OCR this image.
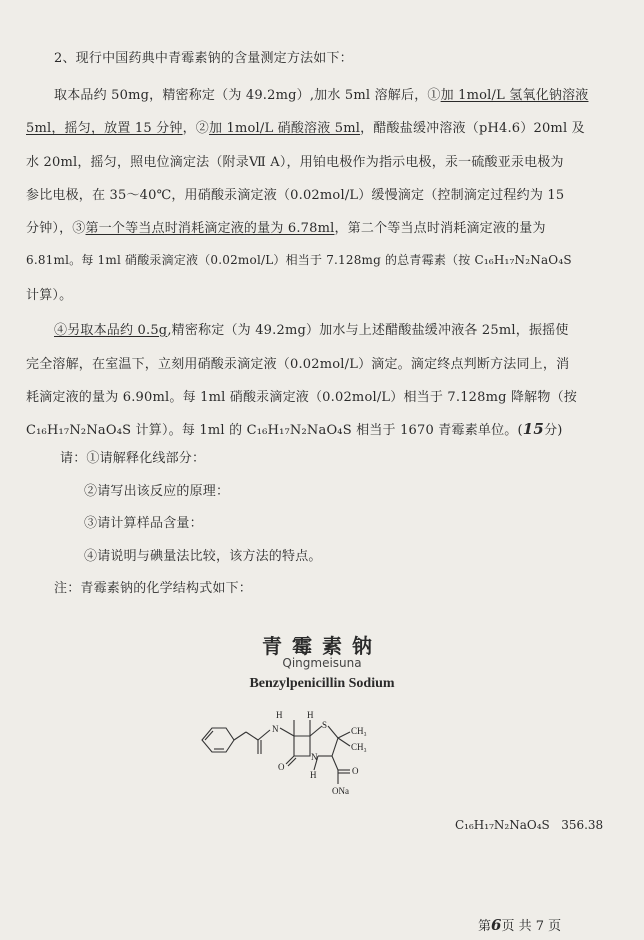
2、现行中国药典中青霉素钠的含量测定方法如下：
取本品约 50mg，精密称定（为 49.2mg）,加水 5ml 溶解后，①加 1mol/L 氢氧化钠溶液
5ml，摇匀，放置 15 分钟，②加 1mol/L 硝酸溶液 5ml，醋酸盐缓冲溶液（pH4.6）20ml 及
水 20ml，摇匀，照电位滴定法（附录Ⅶ A），用铂电极作为指示电极，汞一硫酸亚汞电极为
参比电极，在 35～40℃，用硝酸汞滴定液（0.02mol/L）缓慢滴定（控制滴定过程约为 15
分钟），③第一个等当点时消耗滴定液的量为 6.78ml，第二个等当点时消耗滴定液的量为
6.81ml。每 1ml 硝酸汞滴定液（0.02mol/L）相当于 7.128mg 的总青霉素（按 C₁₆H₁₇N₂NaO₄S
计算）。
④另取本品约 0.5g,精密称定（为 49.2mg）加水与上述醋酸盐缓冲液各 25ml，振摇使
完全溶解，在室温下，立刻用硝酸汞滴定液（0.02mol/L）滴定。滴定终点判断方法同上，消
耗滴定液的量为 6.90ml。每 1ml 硝酸汞滴定液（0.02mol/L）相当于 7.128mg 降解物（按
C₁₆H₁₇N₂NaO₄S 计算）。每 1ml 的 C₁₆H₁₇N₂NaO₄S 相当于 1670 青霉素单位。(15分)
请：①请解释化线部分：
②请写出该反应的原理：
③请计算样品含量：
④请说明与碘量法比较，该方法的特点。
注：青霉素钠的化学结构式如下：
青霉素钠
Qingmeisuna
Benzylpenicillin Sodium
H
N
H
S
CH₃
CH₃
O
N
H	O
ONa
C₁₆H₁₇N₂NaO₄S 356.38
第6页 共 7 页
